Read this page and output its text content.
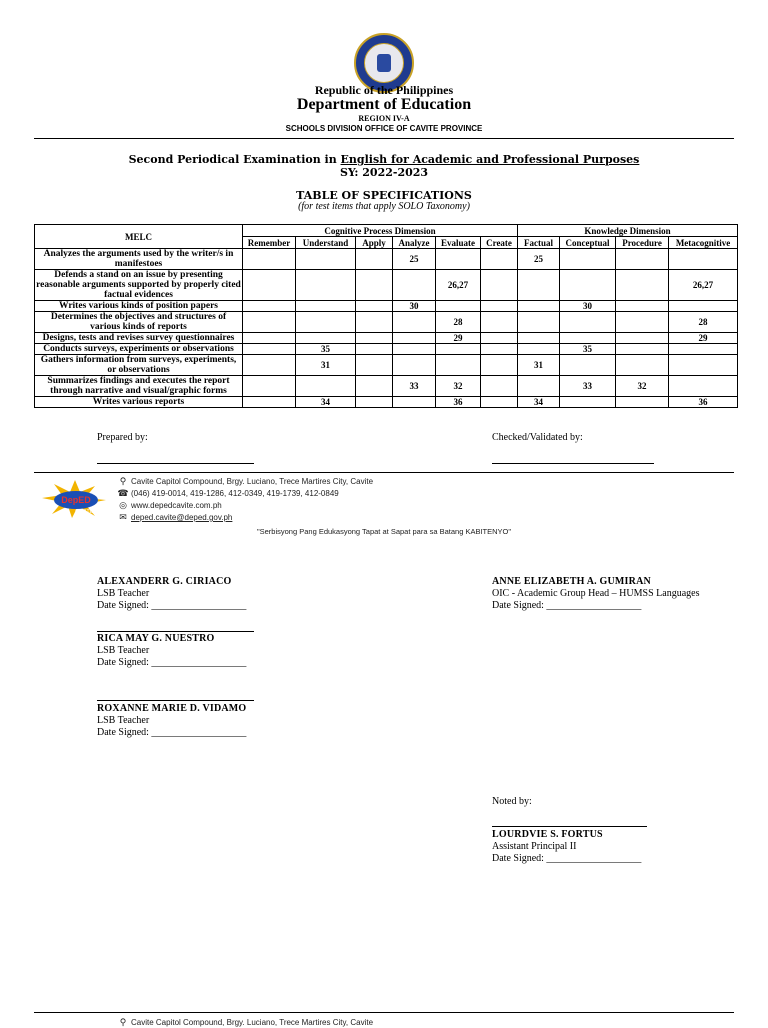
Republic of the Philippines
Department of Education
REGION IV-A
SCHOOLS DIVISION OFFICE OF CAVITE PROVINCE
Second Periodical Examination in English for Academic and Professional Purposes
SY: 2022-2023
TABLE OF SPECIFICATIONS
(for test items that apply SOLO Taxonomy)
MELC	Cognitive Process Dimension						Knowledge Dimension			
	Remember	Understand	Apply	Analyze	Evaluate	Create	Factual	Conceptual	Procedure	Metacognitive
Analyzes the arguments used by the writer/s in manifestoes				25			25			
Defends a stand on an issue by presenting reasonable arguments supported by properly cited factual evidences					26,27					26,27
Writes various kinds of position papers				30				30		
Determines the objectives and structures of various kinds of reports					28					28
Designs, tests and revises survey questionnaires					29					29
Conducts surveys, experiments or observations		35						35		
Gathers information from surveys, experiments, or observations		31					31			
Summarizes findings and executes the report through narrative and visual/graphic forms				33	32			33	32	
Writes various reports		34			36		34			36
Prepared by:	Checked/Validated by:
DepED
CAVITE
⚲ Cavite Capitol Compound, Brgy. Luciano, Trece Martires City, Cavite
☎ (046) 419-0014, 419-1286, 412-0349, 419-1739, 412-0849
◎ www.depedcavite.com.ph
✉ deped.cavite@deped.gov.ph
"Serbisyong Pang Edukasyong Tapat at Sapat para sa Batang KABITENYO"
ALEXANDERR G. CIRIACO
LSB Teacher
Date Signed: ___________________
RICA MAY G. NUESTRO
LSB Teacher
Date Signed: ___________________
ROXANNE MARIE D. VIDAMO
LSB Teacher
Date Signed: ___________________
ANNE ELIZABETH A. GUMIRAN
OIC - Academic Group Head – HUMSS Languages
Date Signed: ___________________
Noted by:
LOURDVIE S. FORTUS
Assistant Principal II
Date Signed: ___________________
⚲ Cavite Capitol Compound, Brgy. Luciano, Trece Martires City, Cavite
